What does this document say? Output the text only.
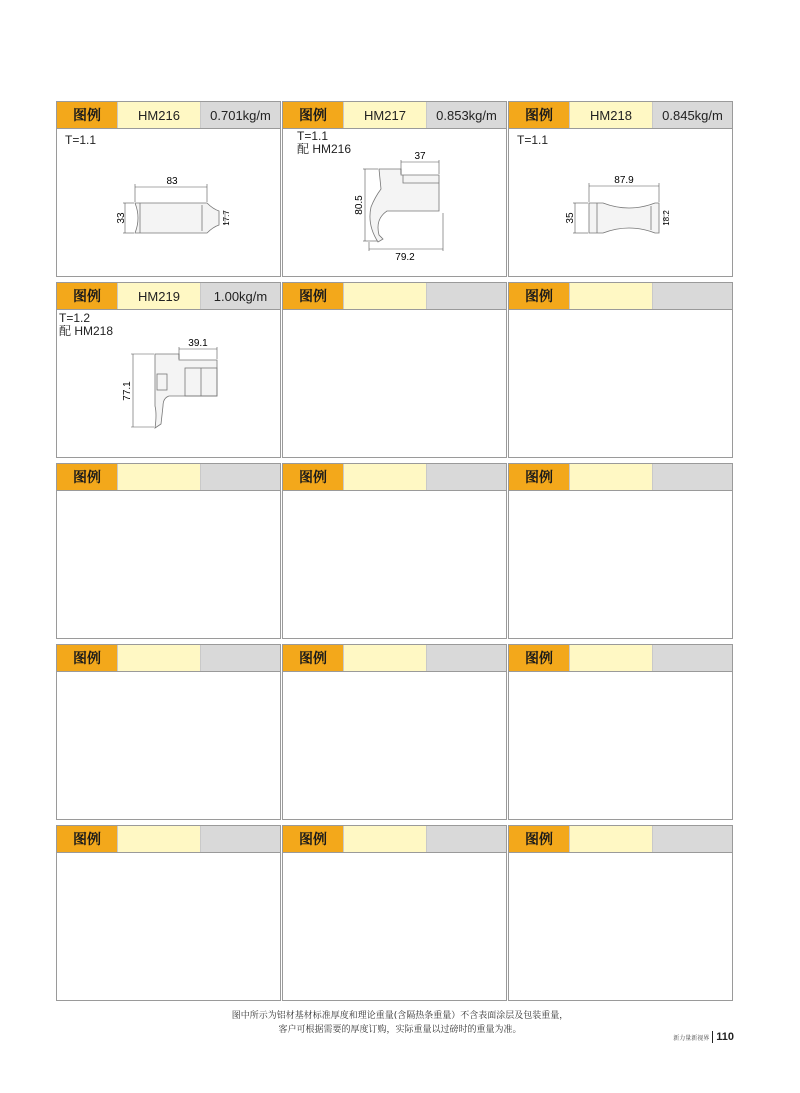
图例	HM216	0.701kg/m
T=1.1
83
33	17.7
图例	HM217	0.853kg/m
T=1.1
配 HM216
37
80.5
79.2
图例	HM218	0.845kg/m
T=1.1
87.9
35	18.2
图例	HM219	1.00kg/m
T=1.2
配 HM218
39.1
77.1
图例	图例
图例	图例	图例
图例	图例	图例
图例	图例	图例
图中所示为铝材基材标准厚度和理论重量(含隔热条重量）不含表面涂层及包装重量，
客户可根据需要的厚度订购，实际重量以过磅时的重量为准。
新力量新视界 110
